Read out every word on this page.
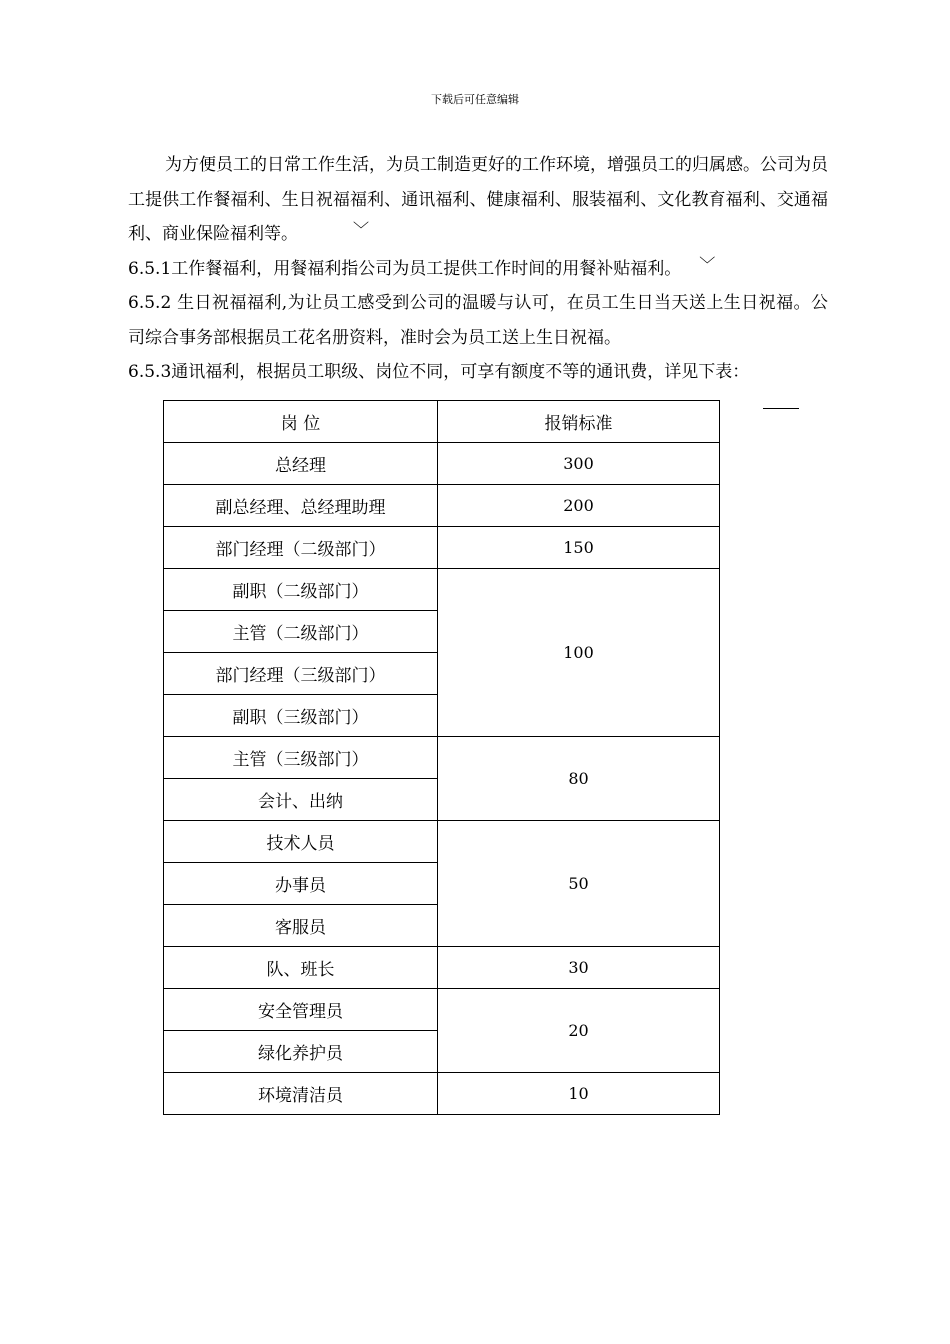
下载后可任意编辑

为方便员工的日常工作生活，为员工制造更好的工作环境，增强员工的归属感。公司为员工提供工作餐福利、生日祝福福利、通讯福利、健康福利、服装福利、文化教育福利、交通福利、商业保险福利等。	﹀

6.5.1工作餐福利，用餐福利指公司为员工提供工作时间的用餐补贴福利。 ﹀

6.5.2 生日祝福福利,为让员工感受到公司的温暖与认可，在员工生日当天送上生日祝福。公司综合事务部根据员工花名册资料，准时会为员工送上生日祝福。

6.5.3通讯福利，根据员工职级、岗位不同，可享有额度不等的通讯费，详见下表：

岗 位	报销标准
总经理	300
副总经理、总经理助理	200
部门经理（二级部门）	150
副职（二级部门）	100
主管（二级部门）	
部门经理（三级部门）	
副职（三级部门）	
主管（三级部门）	80
会计、出纳	
技术人员	50
办事员	
客服员	
队、班长	30
安全管理员	20
绿化养护员	
环境清洁员	10
